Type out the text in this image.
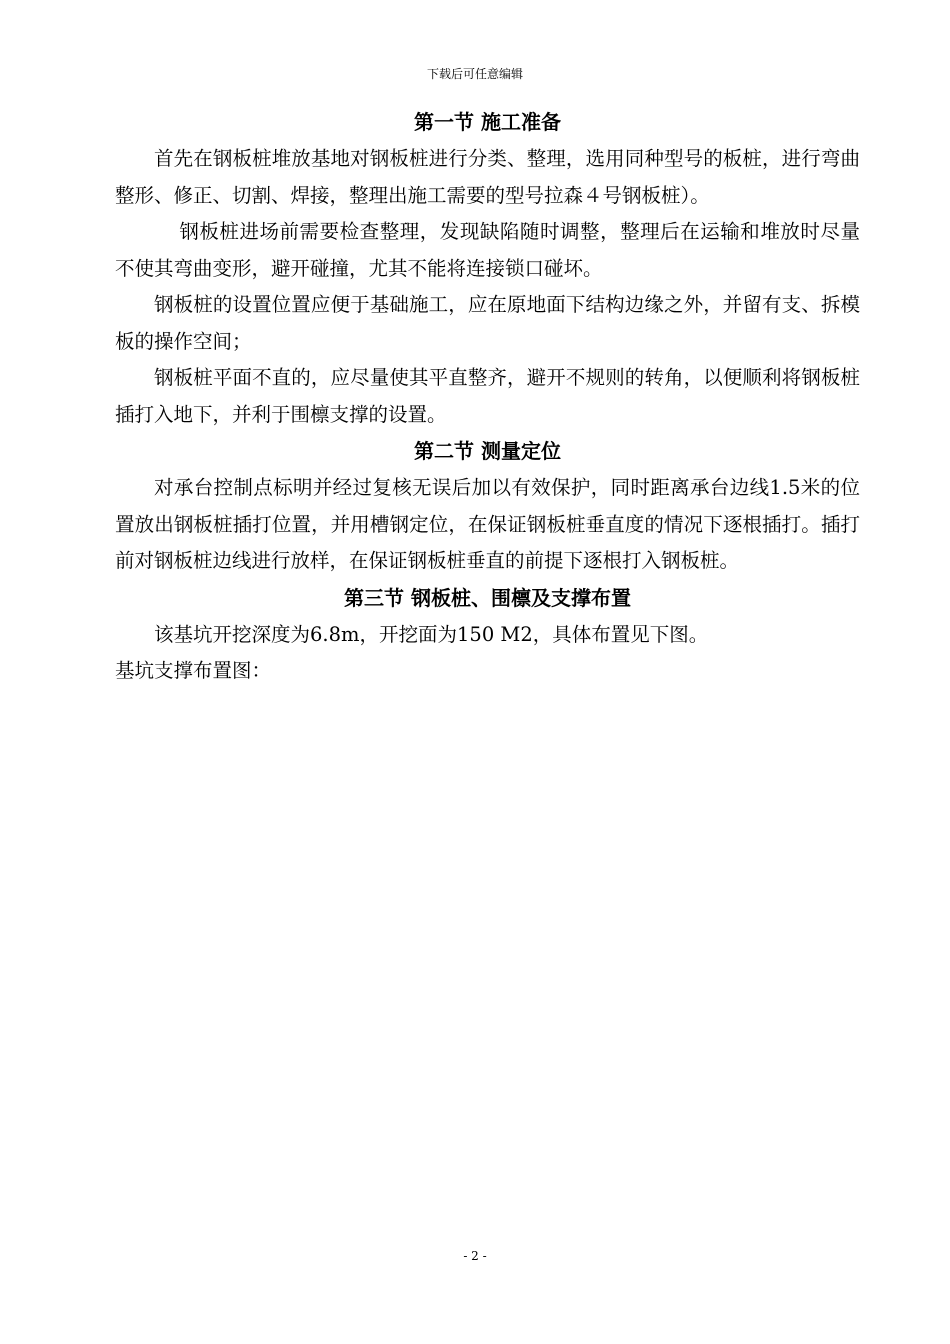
下载后可任意编辑
第一节 施工准备

首先在钢板桩堆放基地对钢板桩进行分类、整理，选用同种型号的板桩，进行弯曲整形、修正、切割、焊接，整理出施工需要的型号拉森４号钢板桩）。

钢板桩进场前需要检查整理，发现缺陷随时调整，整理后在运输和堆放时尽量不使其弯曲变形，避开碰撞，尤其不能将连接锁口碰坏。

钢板桩的设置位置应便于基础施工，应在原地面下结构边缘之外，并留有支、拆模板的操作空间；

钢板桩平面不直的，应尽量使其平直整齐，避开不规则的转角，以便顺利将钢板桩插打入地下，并利于围檩支撑的设置。

第二节 测量定位

对承台控制点标明并经过复核无误后加以有效保护，同时距离承台边线1.5米的位置放出钢板桩插打位置，并用槽钢定位，在保证钢板桩垂直度的情况下逐根插打。插打前对钢板桩边线进行放样，在保证钢板桩垂直的前提下逐根打入钢板桩。

第三节 钢板桩、围檩及支撑布置

该基坑开挖深度为6.8m，开挖面为150 M2，具体布置见下图。

基坑支撑布置图：

- 2 -
